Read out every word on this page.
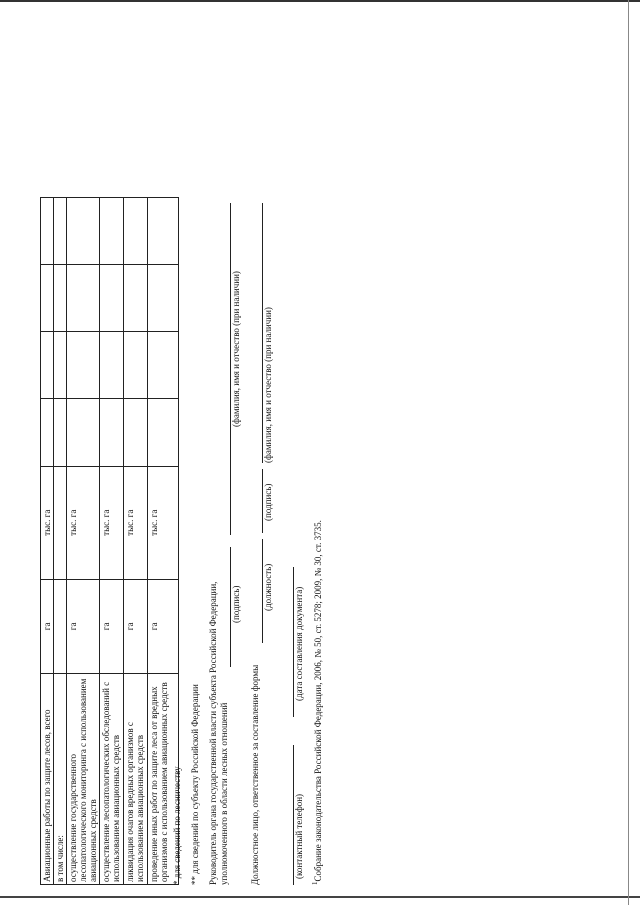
Авиационные работы по защите лесов, всего	га	тыс. га				
в том числе:						
осуществление государственного лесопатологического мониторинга с использованием авиационных средств	га	тыс. га				
осуществление лесопатологических обследований с использованием авиационных средств	га	тыс. га				
ликвидация очагов вредных организмов с использованием авиационных средств	га	тыс. га				
проведение иных работ по защите леса от вредных организмов с использованием авиационных средств	га	тыс. га				
* для сведений по лесничеству ** для сведений по субъекту Российской Федерации Руководитель органа государственной власти субъекта Российской Федерации, уполномоченного в области лесных отношений
(подпись)
(фамилия, имя и отчество (при наличии)
Должностное лицо, ответственное за составление формы
(должность)
(подпись)
(фамилия, имя и отчество (при наличии)
(контактный телефон)
(дата составления документа)
$^1$Собрание законодательства Российской Федерации, 2006, № 50, ст. 5278; 2009, № 30, ст. 3735.
